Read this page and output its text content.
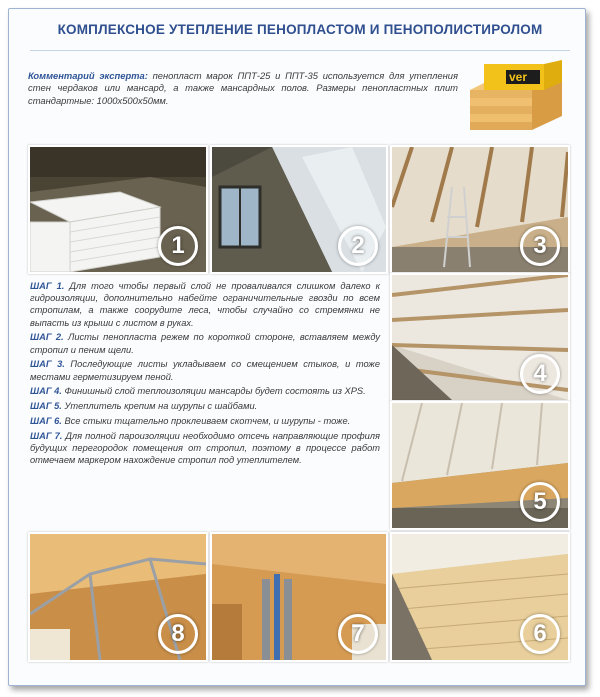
КОМПЛЕКСНОЕ УТЕПЛЕНИЕ ПЕНОПЛАСТОМ И ПЕНОПОЛИСТИРОЛОМ
Комментарий эксперта: пенопласт марок ППТ-25 и ППТ-35 используется для утепления стен чердаков или мансард, а также мансардных полов. Размеры пенопластных плит стандартные: 1000х500х50мм.
ver
1	2	3

ШАГ 1. Для того чтобы первый слой не проваливался слишком далеко к гидроизоляции, дополнительно набейте ограничительные гвозди по всем стропилам, а также соорудите леса, чтобы случайно со стремянки не выпасть из крыши с листом в руках.

ШАГ 2. Листы пенопласта режем по короткой стороне, вставляем между стропил и пеним щели.

ШАГ 3. Последующие листы укладываем со смещением стыков, и тоже местами герметизируем пеной.

ШАГ 4. Финишный слой теплоизоляции мансарды будет состоять из XPS.

ШАГ 5. Утеплитель крепим на шурупы с шайбами.

ШАГ 6. Все стыки тщательно проклеиваем скотчем, и шурупы - тоже.

ШАГ 7. Для полной пароизоляции необходимо отсечь направляющие профиля будущих перегородок помещения от стропил, поэтому в процессе работ отмечаем маркером нахождение стропил под утеплителем.

4
5
8	7	6
